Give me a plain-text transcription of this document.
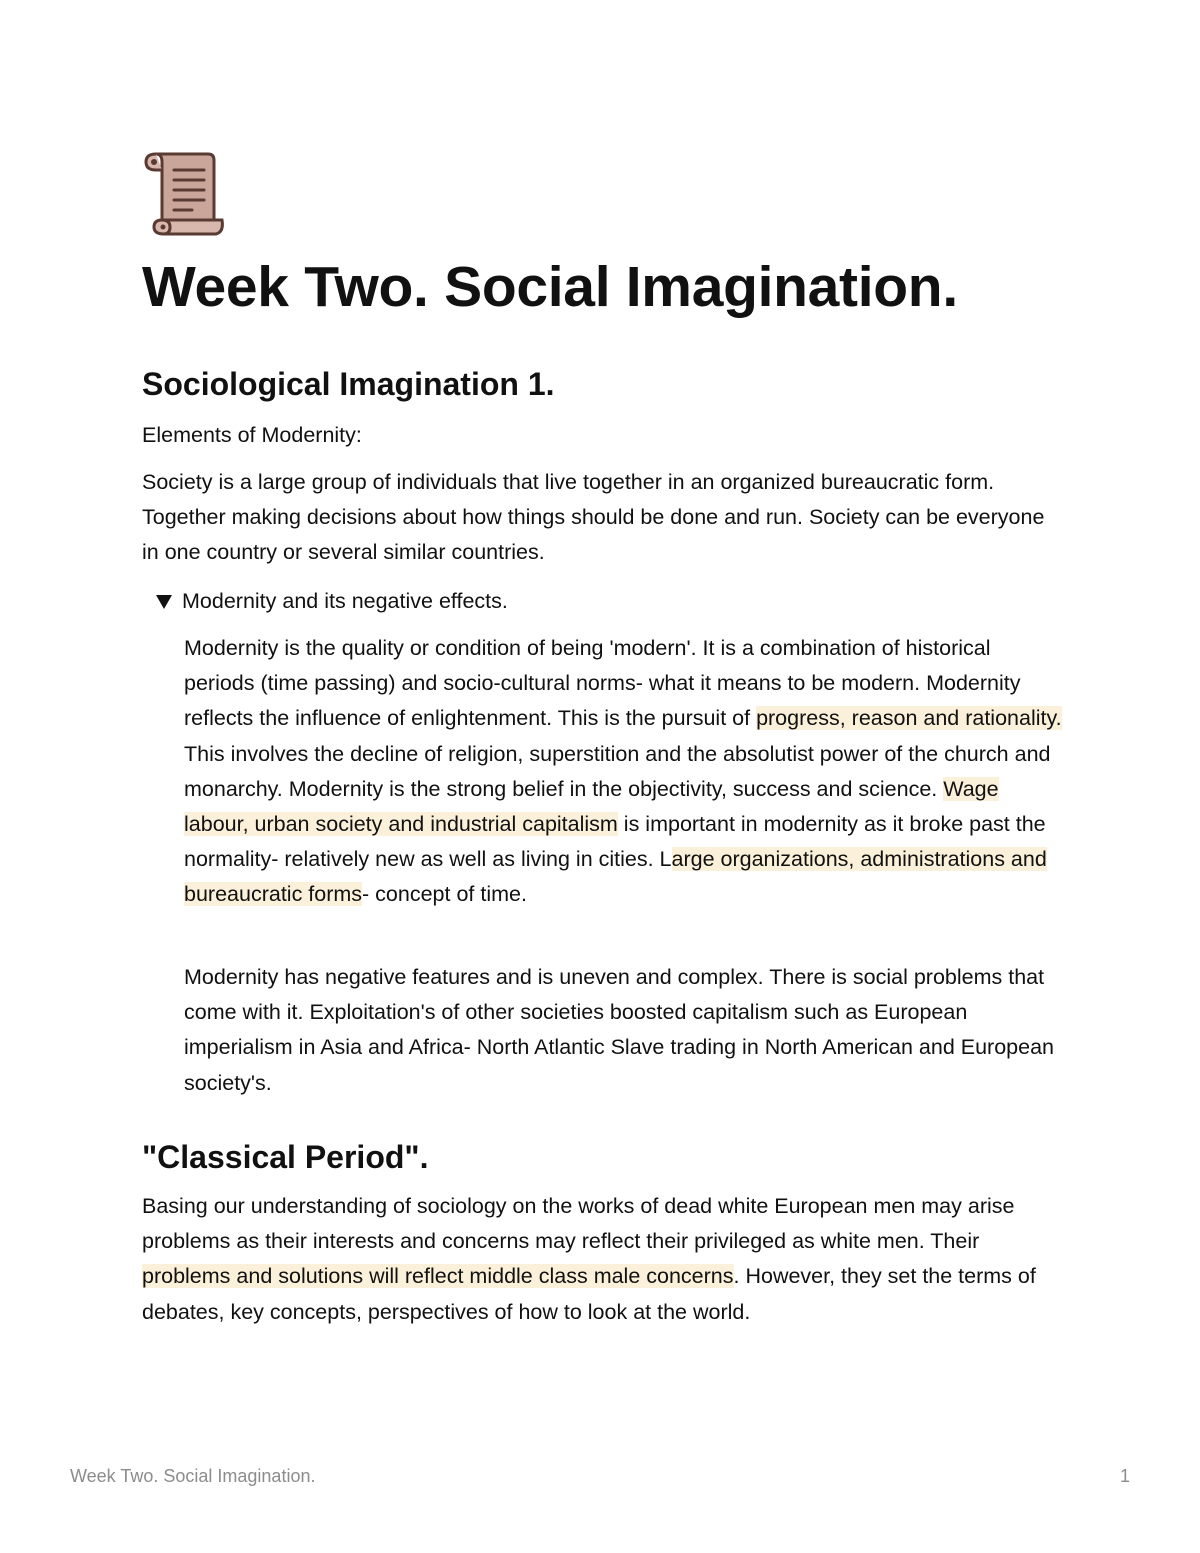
Week Two. Social Imagination.
Sociological Imagination 1.

Elements of Modernity:

Society is a large group of individuals that live together in an organized bureaucratic form. Together making decisions about how things should be done and run. Society can be everyone in one country or several similar countries.

Modernity and its negative effects.

Modernity is the quality or condition of being 'modern'. It is a combination of historical periods (time passing) and socio-cultural norms- what it means to be modern. Modernity reflects the influence of enlightenment. This is the pursuit of progress, reason and rationality. This involves the decline of religion, superstition and the absolutist power of the church and monarchy. Modernity is the strong belief in the objectivity, success and science. Wage labour, urban society and industrial capitalism is important in modernity as it broke past the normality- relatively new as well as living in cities. Large organizations, administrations and bureaucratic forms- concept of time.

Modernity has negative features and is uneven and complex. There is social problems that come with it. Exploitation's of other societies boosted capitalism such as European imperialism in Asia and Africa- North Atlantic Slave trading in North American and European society's.

"Classical Period".

Basing our understanding of sociology on the works of dead white European men may arise problems as their interests and concerns may reflect their privileged as white men. Their problems and solutions will reflect middle class male concerns. However, they set the terms of debates, key concepts, perspectives of how to look at the world.

Week Two. Social Imagination.	1
